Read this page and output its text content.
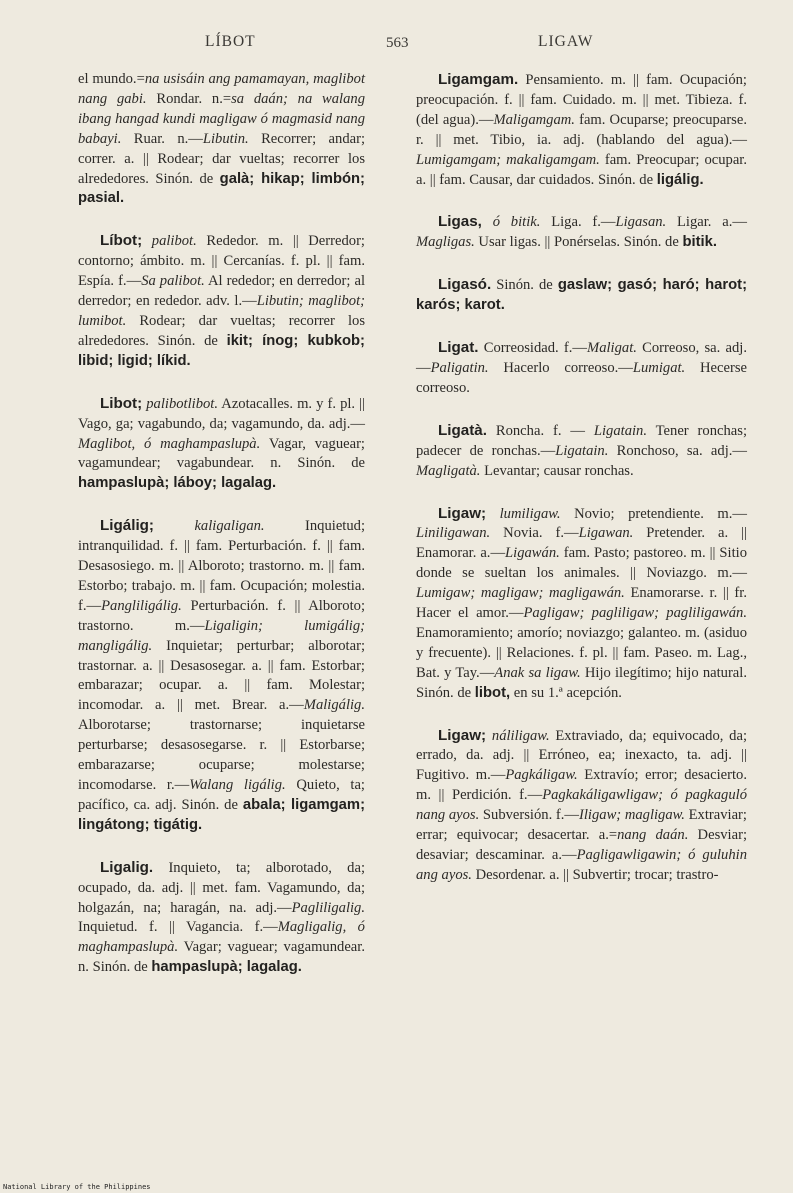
LÍBOT	563	LIGAW

el mundo.=na usisáin ang pamamayan, maglibot nang gabi. Rondar. n.=sa daán; na walang ibang hangad kundi magligaw ó magmasid nang babayi. Ruar. n.—Libutin. Recorrer; andar; correr. a. || Rodear; dar vueltas; recorrer los alrededores. Sinón. de galà; hikap; limbón; pasial.

Líbot; palibot. Rededor. m. || Derredor; contorno; ámbito. m. || Cercanías. f. pl. || fam. Espía. f.—Sa palibot. Al rededor; en derredor; al derredor; en rededor. adv. l.—Libutin; maglibot; lumibot. Rodear; dar vueltas; recorrer los alrededores. Sinón. de ikit; ínog; kubkob; libid; ligid; líkid.

Libot; palibotlibot. Azotacalles. m. y f. pl. || Vago, ga; vagabundo, da; vagamundo, da. adj.—Maglibot, ó maghampaslupà. Vagar, vaguear; vagamundear; vagabundear. n. Sinón. de hampaslupà; láboy; lagalag.

Ligálig;	kaligaligan. Inquietud; intranquilidad. f. || fam. Perturbación. f. || fam. Desasosiego. m. || Alboroto; trastorno. m. || fam. Estorbo; trabajo. m. || fam. Ocupación; molestia. f.—Pangliligálig. Perturbación. f. || Alboroto; trastorno. m.—Ligaligin; lumigálig; mangligálig. Inquietar; perturbar; alborotar; trastornar. a. || Desasosegar. a. || fam. Estorbar; embarazar; ocupar. a. || fam. Molestar; incomodar. a. || met. Brear. a.—Maligálig. Alborotarse; trastornarse; inquietarse perturbarse; desasosegarse. r. || Estorbarse; embarazarse; ocuparse; molestarse; incomodarse. r.—Walang ligálig. Quieto, ta; pacífico, ca. adj. Sinón. de abala; ligamgam; lingátong; tigátig.

Ligalig. Inquieto, ta; alborotado, da; ocupado, da. adj. || met. fam. Vagamundo, da; holgazán, na; haragán, na. adj.—Pagliligalig. Inquietud. f. || Vagancia. f.—Magligalig, ó maghampaslupà. Vagar; vaguear; vagamundear. n. Sinón. de hampaslupà; lagalag.

Ligamgam. Pensamiento. m. || fam. Ocupación; preocupación. f. || fam. Cuidado. m. || met. Tibieza. f. (del agua).—Maligamgam. fam. Ocuparse; preocuparse. r. || met. Tibio, ia. adj. (hablando del agua).—Lumigamgam; makaligamgam. fam. Preocupar; ocupar. a. || fam. Causar, dar cuidados. Sinón. de ligálig.

Ligas, ó bitik. Liga. f.—Ligasan. Ligar. a.—Magligas. Usar ligas. || Ponérselas. Sinón. de bitik.

Ligasó. Sinón. de gaslaw; gasó; haró; harot; karós; karot.

Ligat. Correosidad. f.—Maligat. Correoso, sa. adj.—Paligatin. Hacerlo correoso.—Lumigat. Hecerse correoso.

Ligatà. Roncha. f. — Ligatain. Tener ronchas; padecer de ronchas.—Ligatain. Ronchoso, sa. adj.—Magligatà. Levantar; causar ronchas.

Ligaw; lumiligaw. Novio; pretendiente. m.—Liniligawan. Novia. f.—Ligawan. Pretender. a. || Enamorar. a.—Ligawán. fam. Pasto; pastoreo. m. || Sitio donde se sueltan los animales. || Noviazgo. m.—Lumigaw; magligaw; magligawán. Enamorarse. r. || fr. Hacer el amor.—Pagligaw; pagliligaw; pagliligawán. Enamoramiento; amorío; noviazgo; galanteo. m. (asiduo y frecuente). || Relaciones. f. pl. || fam. Paseo. m. Lag., Bat. y Tay.—Anak sa ligaw. Hijo ilegítimo; hijo natural. Sinón. de libot, en su 1.ª acepción.

Ligaw; náliligaw. Extraviado, da; equivocado, da; errado, da. adj. || Erróneo, ea; inexacto, ta. adj. || Fugitivo. m.—Pagkáligaw. Extravío; error; desacierto. m. || Perdición. f.—Pagkakáligawligaw; ó pagkaguló nang ayos. Subversión. f.—Iligaw; magligaw. Extraviar; errar; equivocar; desacertar. a.=nang daán. Desviar; desaviar; descaminar. a.—Pagligawligawin; ó guluhin ang ayos. Desordenar. a. || Subvertir; trocar; trastro-

National Library of the Philippines
